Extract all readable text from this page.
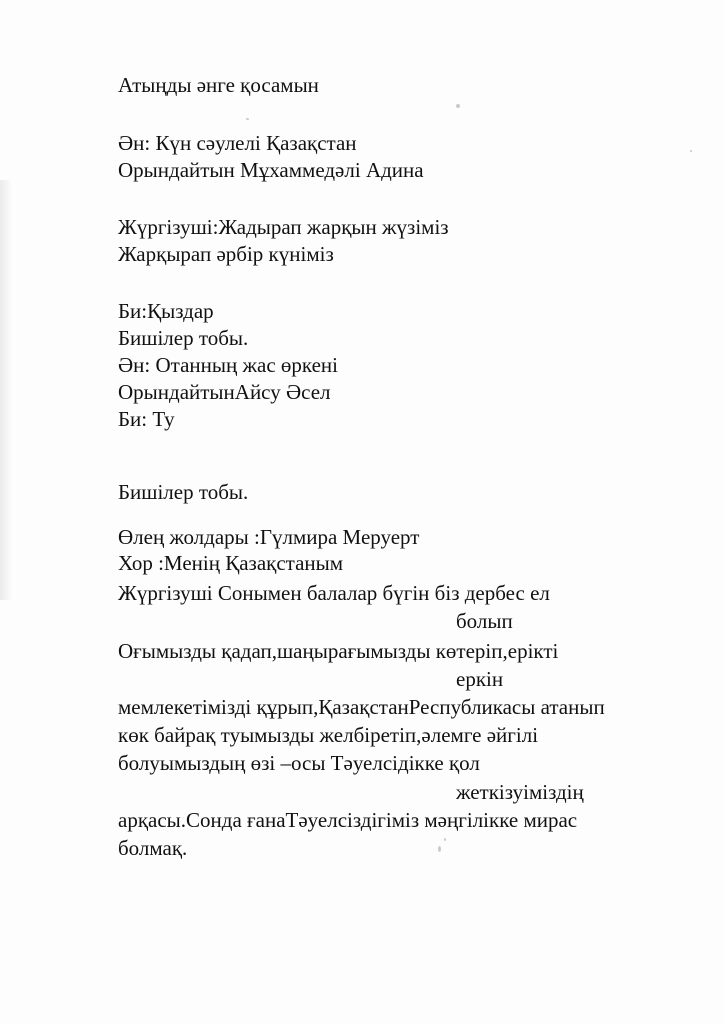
Атыңды әнге қосамын
Ән: Күн сәулелі Қазақстан
Орындайтын Мұхаммедәлі Адина
Жүргізуші:Жадырап жарқын жүзіміз
Жарқырап әрбір күніміз
Би:Қыздар
Бишілер тобы.
Ән: Отанның жас өркені
ОрындайтынАйсу Әсел
Би: Ту
Бишілер тобы.
Өлең жолдары :Гүлмира Меруерт
Хор :Менің Қазақстаным
Жүргізуші Сонымен балалар бүгін біз дербес ел
болып
Оғымызды қадап,шаңырағымызды көтеріп,ерікті
еркін
мемлекетімізді құрып,ҚазақстанРеспубликасы атанып
көк байрақ туымызды желбіретіп,әлемге әйгілі
болуымыздың өзі –осы Тәуелсідікке қол
жеткізуіміздің
арқасы.Сонда ғанаТәуелсіздігіміз мәңгілікке мирас
болмақ.
